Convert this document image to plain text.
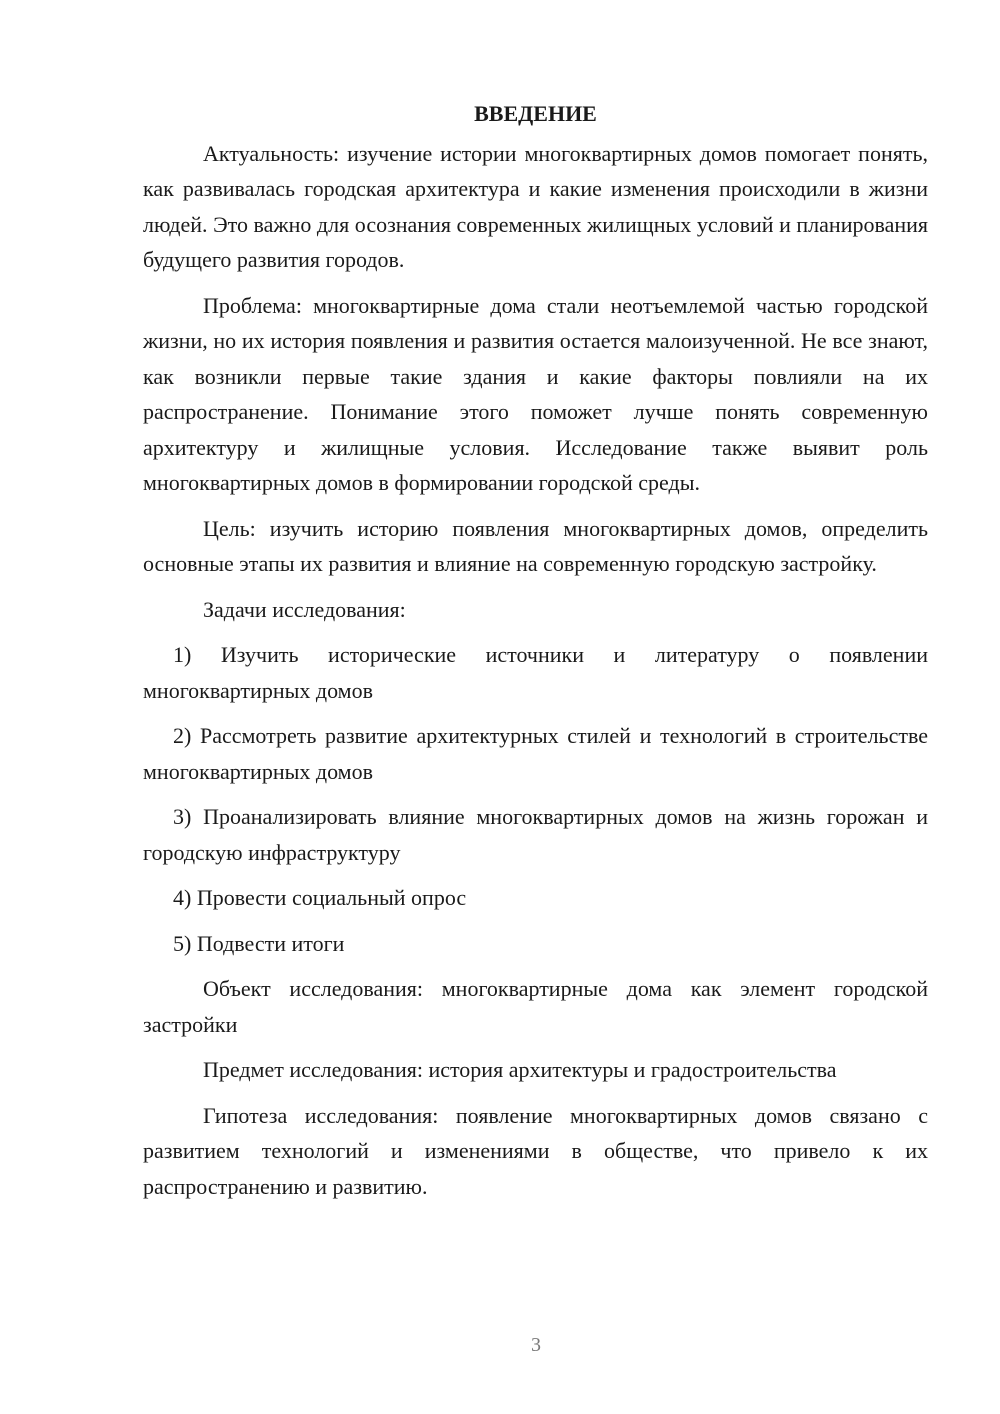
ВВЕДЕНИЕ

Актуальность: изучение истории многоквартирных домов помогает понять, как развивалась городская архитектура и какие изменения происходили в жизни людей. Это важно для осознания современных жилищных условий и планирования будущего развития городов.

Проблема: многоквартирные дома стали неотъемлемой частью городской жизни, но их история появления и развития остается малоизученной. Не все знают, как возникли первые такие здания и какие факторы повлияли на их распространение. Понимание этого поможет лучше понять современную архитектуру и жилищные условия. Исследование также выявит роль многоквартирных домов в формировании городской среды.

Цель: изучить историю появления многоквартирных домов, определить основные этапы их развития и влияние на современную городскую застройку.

Задачи исследования:

1) Изучить исторические источники и литературу о появлении многоквартирных домов

2) Рассмотреть развитие архитектурных стилей и технологий в строительстве многоквартирных домов

3) Проанализировать влияние многоквартирных домов на жизнь горожан и городскую инфраструктуру

4) Провести социальный опрос

5) Подвести итоги

Объект исследования: многоквартирные дома как элемент городской застройки

Предмет исследования: история архитектуры и градостроительства

Гипотеза исследования: появление многоквартирных домов связано с развитием технологий и изменениями в обществе, что привело к их распространению и развитию.

3
